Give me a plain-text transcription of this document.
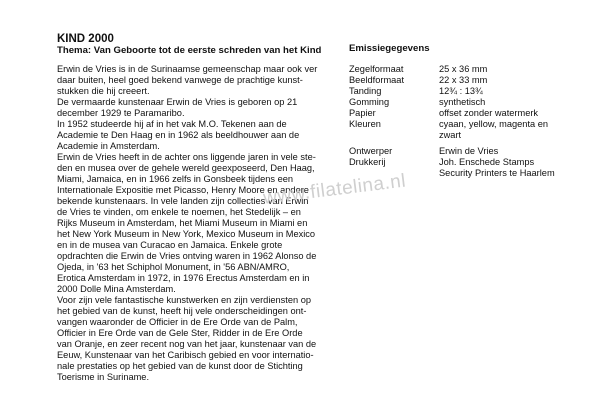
KIND 2000
Thema: Van Geboorte tot de eerste schreden van het Kind
Erwin de Vries is in de Surinaamse gemeenschap maar ook ver
daar buiten, heel goed bekend vanwege de prachtige kunst-
stukken die hij creeert.
De vermaarde kunstenaar Erwin de Vries is geboren op 21
december 1929 te Paramaribo.
In 1952 studeerde hij af in het vak M.O. Tekenen aan de
Academie te Den Haag en in 1962 als beeldhouwer aan de
Academie in Amsterdam.
Erwin de Vries heeft in de achter ons liggende jaren in vele ste-
den en musea over de gehele wereld geexposeerd, Den Haag,
Miami, Jamaica, en in 1966 zelfs in Gonsbeek tijdens een
Internationale Expositie met Picasso, Henry Moore en andere
bekende kunstenaars. In vele landen zijn collecties van Erwin
de Vries te vinden, om enkele te noemen, het Stedelijk – en
Rijks Museum in Amsterdam, het Miami Museum in Miami en
het New York Museum in New York, Mexico Museum in Mexico
en in de musea van Curacao en Jamaica. Enkele grote
opdrachten die Erwin de Vries ontving waren in 1962 Alonso de
Ojeda, in '63 het Schiphol Monument, in '56 ABN/AMRO,
Erotica Amsterdam in 1972, in 1976 Erectus Amsterdam en in
2000 Dolle Mina Amsterdam.
Voor zijn vele fantastische kunstwerken en zijn verdiensten op
het gebied van de kunst, heeft hij vele onderscheidingen ont-
vangen waaronder de Officier in de Ere Orde van de Palm,
Officier in Ere Orde van de Gele Ster, Ridder in de Ere Orde
van Oranje, en zeer recent nog van het jaar, kunstenaar van de
Eeuw, Kunstenaar van het Caribisch gebied en voor internatio-
nale prestaties op het gebied van de kunst door de Stichting
Toerisme in Suriname.
Emissiegegevens
Zegelformaat	25 x 36 mm
Beeldformaat	22 x 33 mm
Tanding	12¾ : 13¾
Gomming	synthetisch
Papier	offset zonder watermerk
Kleuren	cyaan, yellow, magenta en
zwart
Ontwerper	Erwin de Vries
Drukkerij	Joh. Enschede Stamps
Security Printers te Haarlem
www.filatelina.nl
